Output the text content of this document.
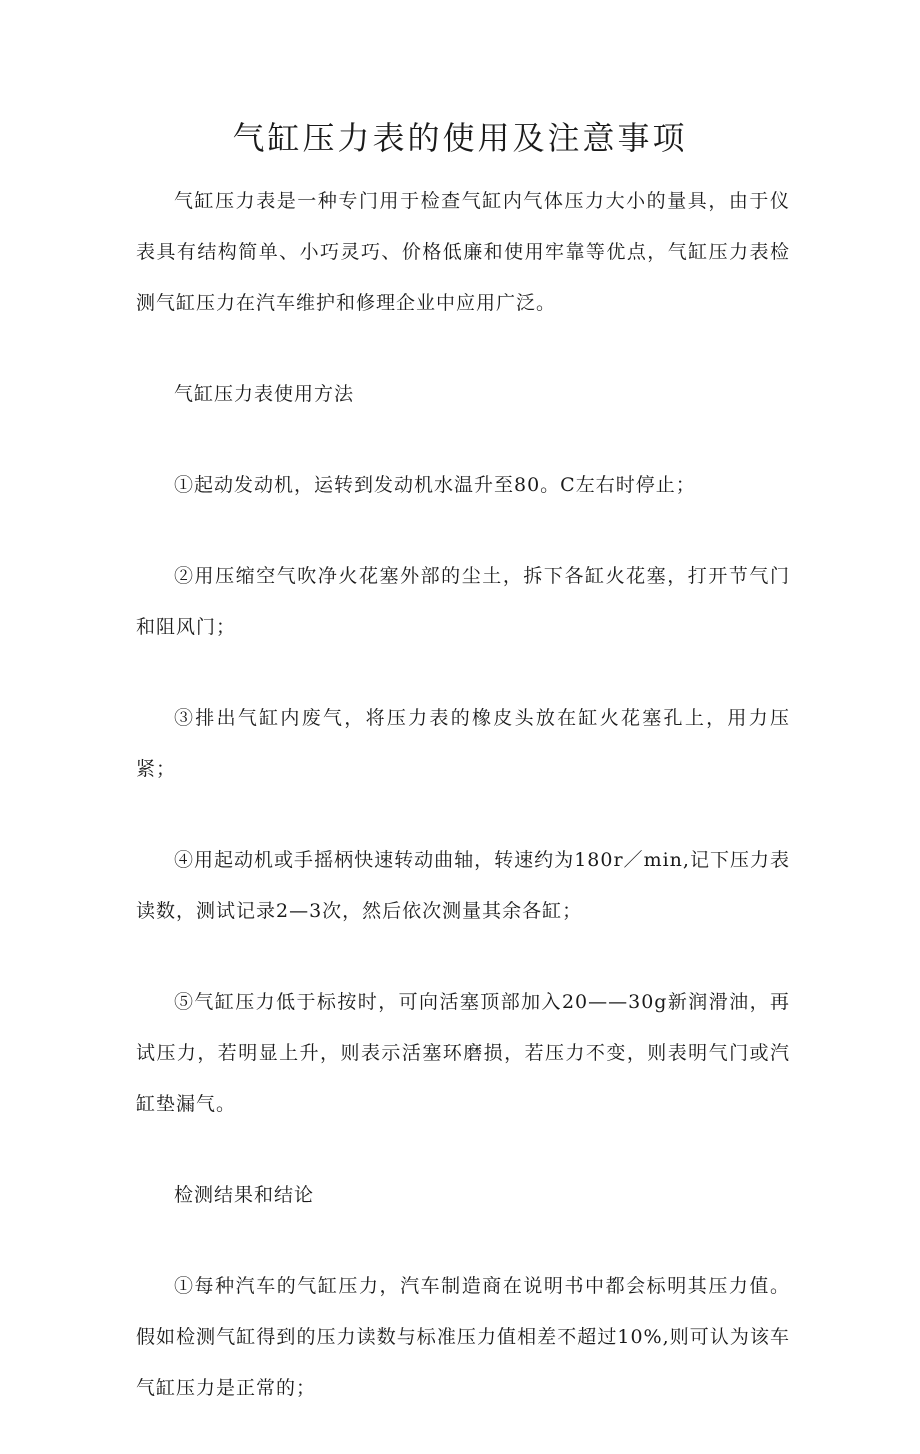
气缸压力表的使用及注意事项

气缸压力表是一种专门用于检查气缸内气体压力大小的量具，由于仪表具有结构简单、小巧灵巧、价格低廉和使用牢靠等优点，气缸压力表检测气缸压力在汽车维护和修理企业中应用广泛。

气缸压力表使用方法

①起动发动机，运转到发动机水温升至80。C左右时停止；

②用压缩空气吹净火花塞外部的尘土，拆下各缸火花塞，打开节气门和阻风门；

③排出气缸内废气，将压力表的橡皮头放在缸火花塞孔上，用力压紧；

④用起动机或手摇柄快速转动曲轴，转速约为180r／min,记下压力表读数，测试记录2—3次，然后依次测量其余各缸；

⑤气缸压力低于标按时，可向活塞顶部加入20——30g新润滑油，再试压力，若明显上升，则表示活塞环磨损，若压力不变，则表明气门或汽缸垫漏气。

检测结果和结论

①每种汽车的气缸压力，汽车制造商在说明书中都会标明其压力值。假如检测气缸得到的压力读数与标准压力值相差不超过10%,则可认为该车气缸压力是正常的；
